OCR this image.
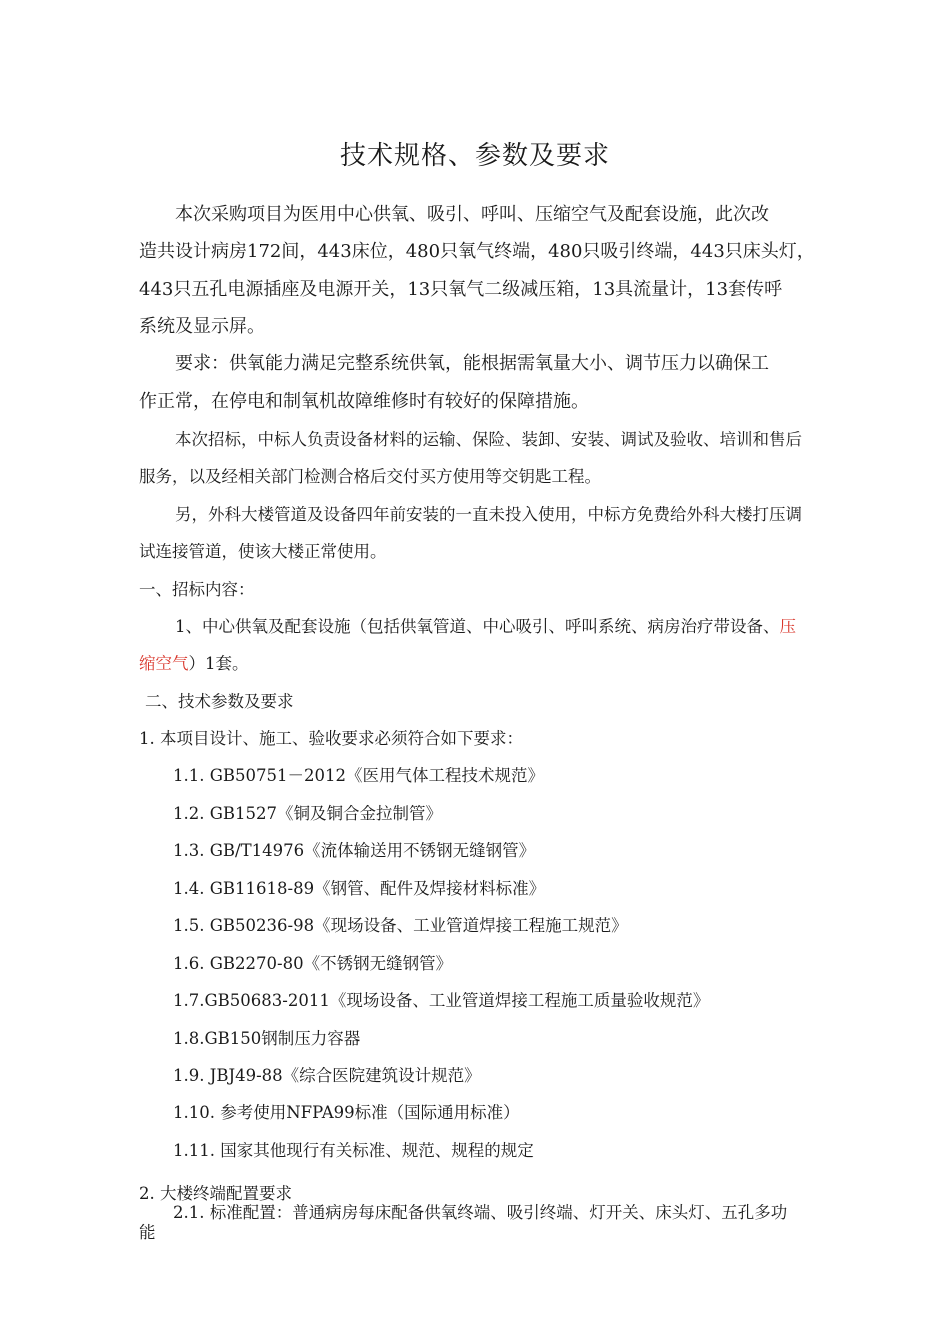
技术规格、参数及要求
本次采购项目为医用中心供氧、吸引、呼叫、压缩空气及配套设施，此次改
造共设计病房172间，443床位，480只氧气终端，480只吸引终端，443只床头灯，
443只五孔电源插座及电源开关，13只氧气二级减压箱，13具流量计，13套传呼
系统及显示屏。
要求：供氧能力满足完整系统供氧，能根据需氧量大小、调节压力以确保工
作正常，在停电和制氧机故障维修时有较好的保障措施。
本次招标，中标人负责设备材料的运输、保险、装卸、安装、调试及验收、培训和售后
服务，以及经相关部门检测合格后交付买方使用等交钥匙工程。
另，外科大楼管道及设备四年前安装的一直未投入使用，中标方免费给外科大楼打压调
试连接管道，使该大楼正常使用。
一、招标内容：
1、中心供氧及配套设施（包括供氧管道、中心吸引、呼叫系统、病房治疗带设备、压
缩空气）1套。
二、技术参数及要求
1. 本项目设计、施工、验收要求必须符合如下要求：
1.1. GB50751－2012《医用气体工程技术规范》
1.2. GB1527《铜及铜合金拉制管》
1.3. GB/T14976《流体输送用不锈钢无缝钢管》
1.4. GB11618-89《钢管、配件及焊接材料标准》
1.5. GB50236-98《现场设备、工业管道焊接工程施工规范》
1.6. GB2270-80《不锈钢无缝钢管》
1.7.GB50683-2011《现场设备、工业管道焊接工程施工质量验收规范》
1.8.GB150钢制压力容器
1.9. JBJ49-88《综合医院建筑设计规范》
1.10. 参考使用NFPA99标准（国际通用标准）
1.11. 国家其他现行有关标准、规范、规程的规定
2. 大楼终端配置要求
2.1. 标准配置：普通病房每床配备供氧终端、吸引终端、灯开关、床头灯、五孔多功
能
